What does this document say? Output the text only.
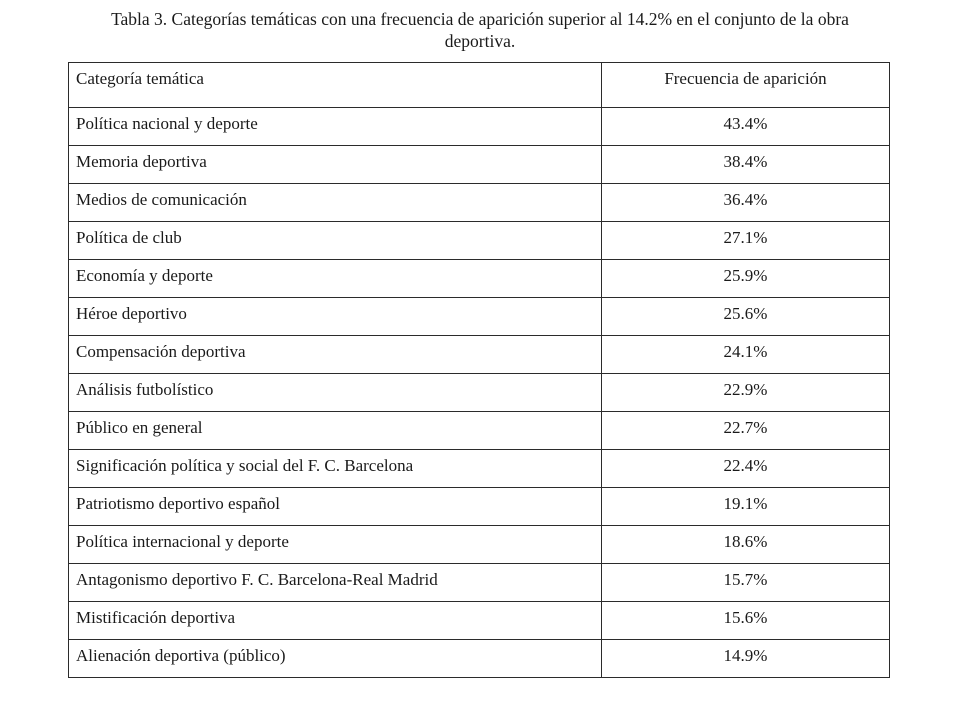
Tabla 3. Categorías temáticas con una frecuencia de aparición superior al 14.2% en el conjunto de la obra
deportiva.
Categoría temática	Frecuencia de aparición
Política nacional y deporte	43.4%
Memoria deportiva	38.4%
Medios de comunicación	36.4%
Política de club	27.1%
Economía y deporte	25.9%
Héroe deportivo	25.6%
Compensación deportiva	24.1%
Análisis futbolístico	22.9%
Público en general	22.7%
Significación política y social del F. C. Barcelona	22.4%
Patriotismo deportivo español	19.1%
Política internacional y deporte	18.6%
Antagonismo deportivo F. C. Barcelona-Real Madrid	15.7%
Mistificación deportiva	15.6%
Alienación deportiva (público)	14.9%
